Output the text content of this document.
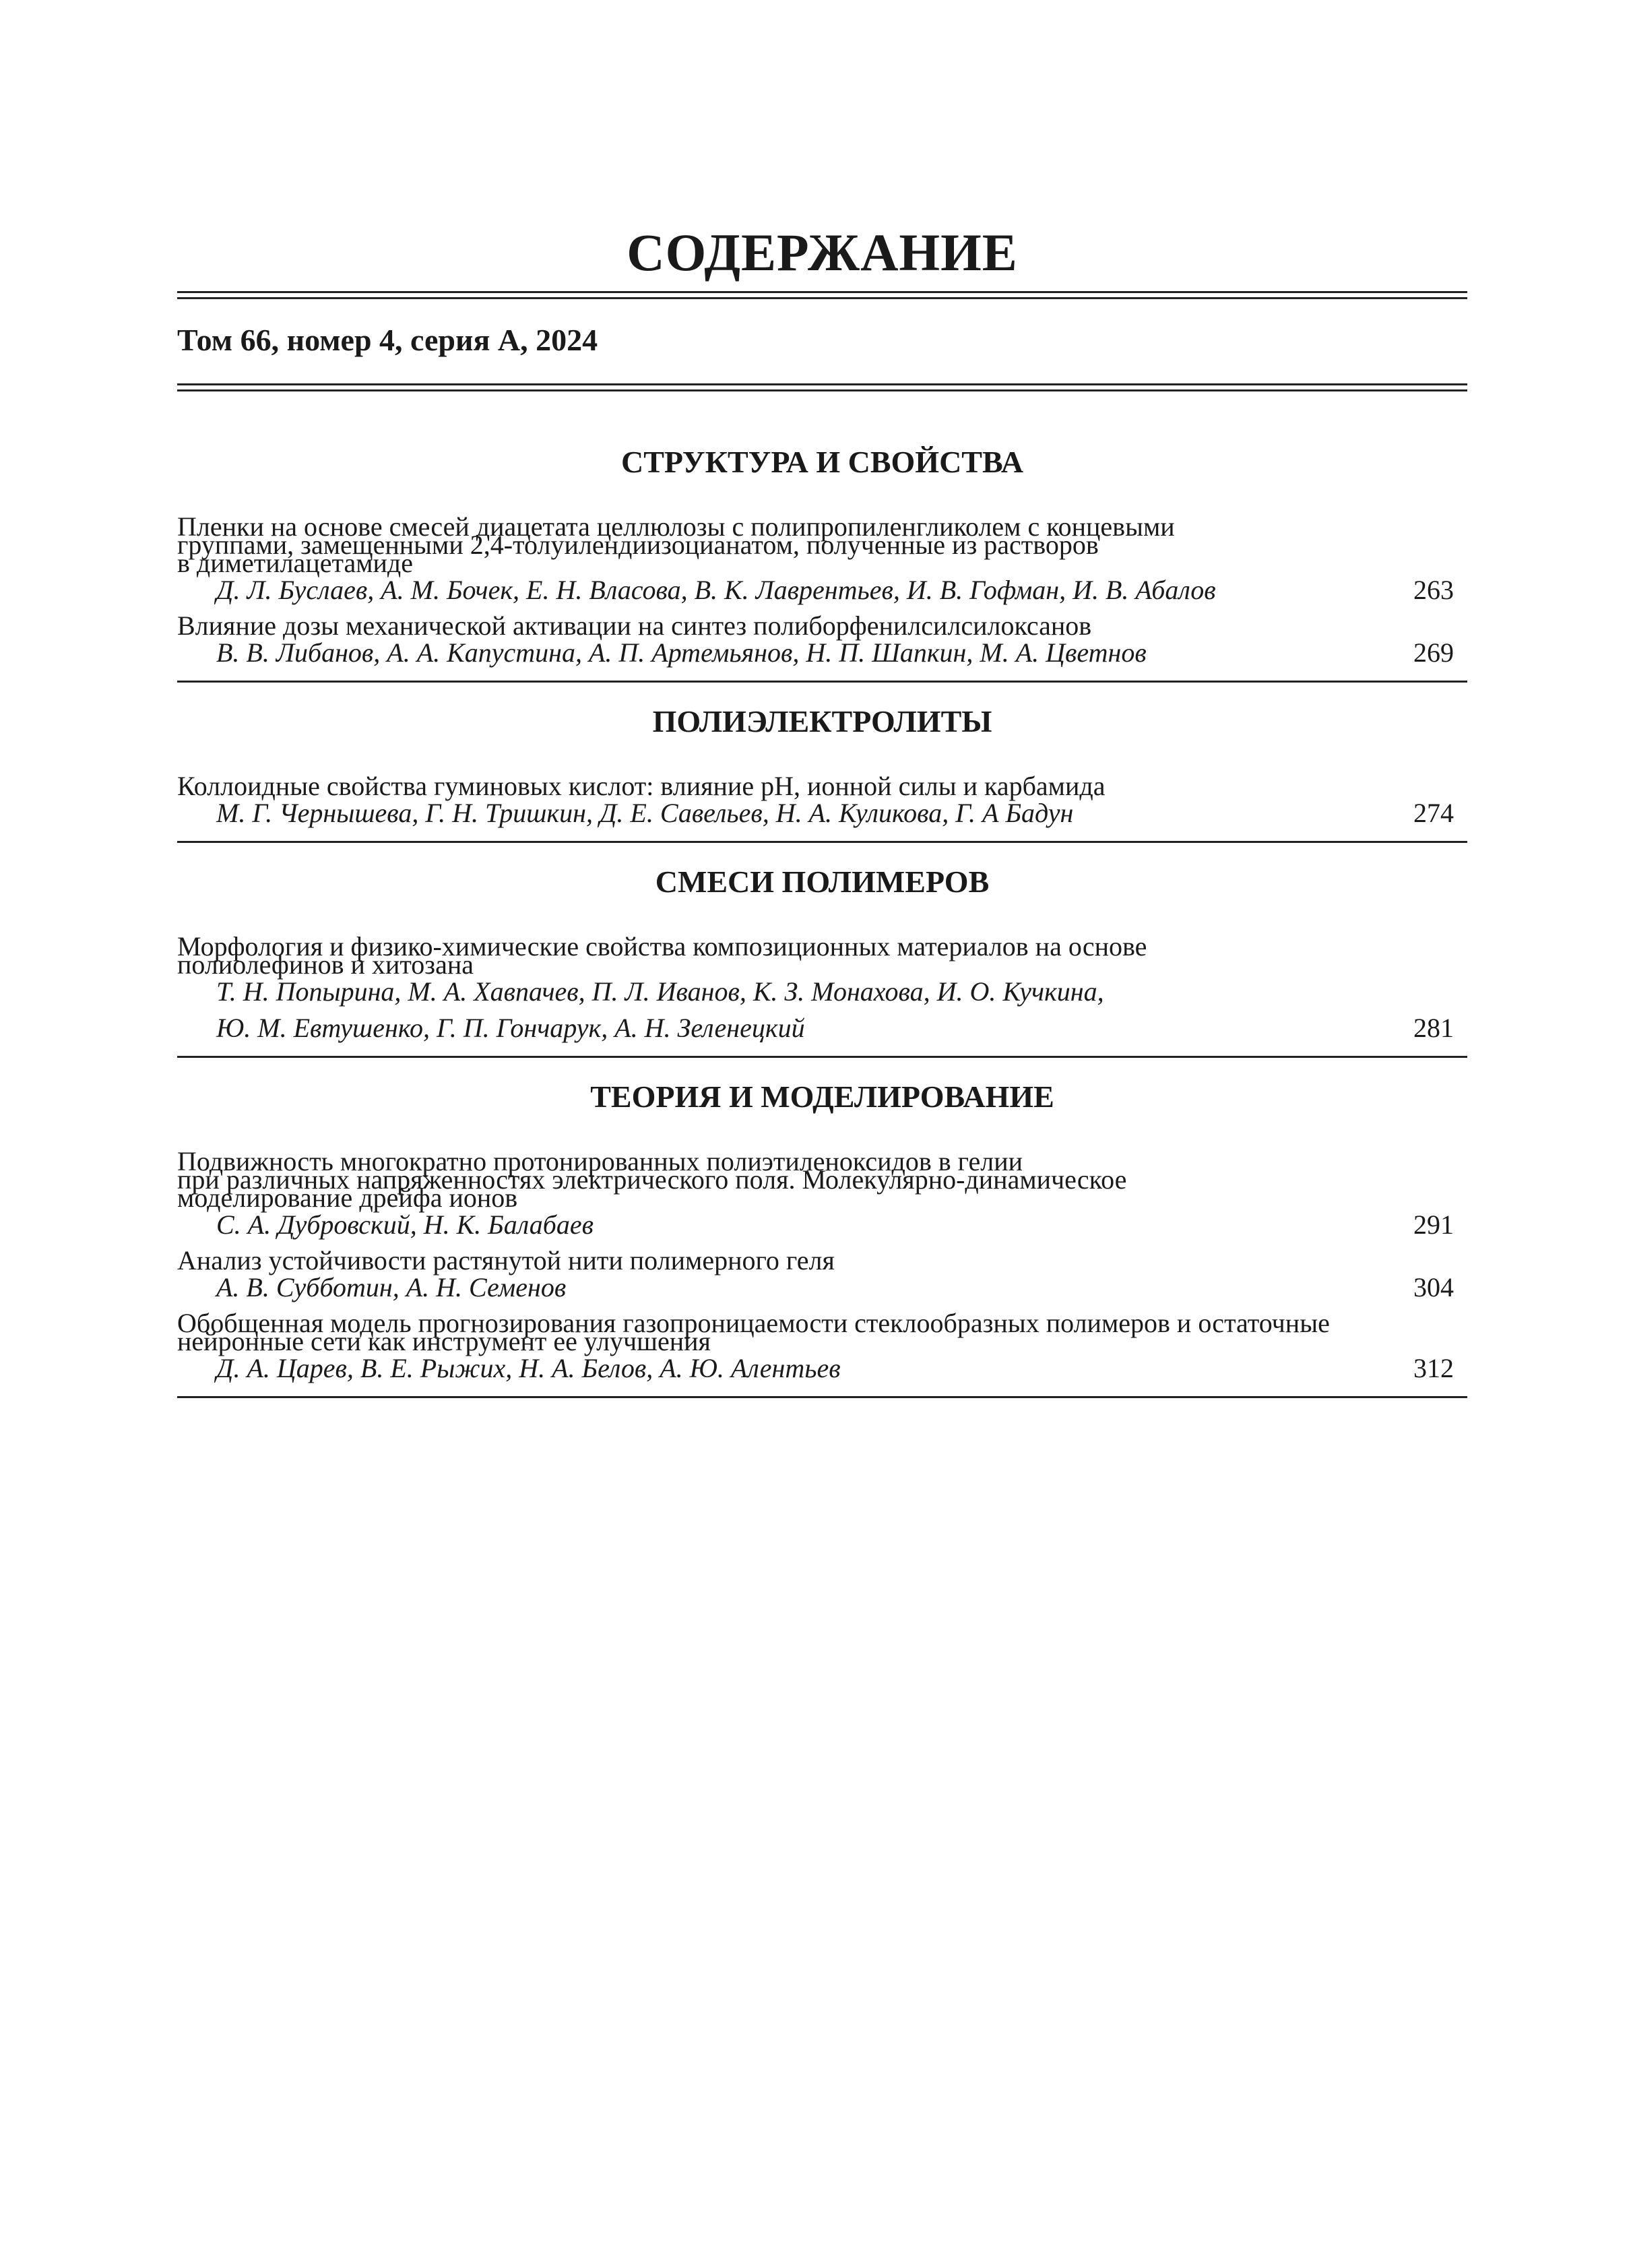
СОДЕРЖАНИЕ
Том 66, номер 4, серия А, 2024
СТРУКТУРА И СВОЙСТВА
Пленки на основе смесей диацетата целлюлозы с полипропиленгликолем с концевыми
группами, замещенными 2,4-толуилендиизоцианатом, полученные из растворов
в диметилацетамиде
Д. Л. Буслаев, А. М. Бочек, Е. Н. Власова, В. К. Лаврентьев, И. В. Гофман, И. В. Абалов	263
Влияние дозы механической активации на синтез полиборфенилсилсилоксанов
В. В. Либанов, А. А. Капустина, А. П. Артемьянов, Н. П. Шапкин, М. А. Цветнов	269
ПОЛИЭЛЕКТРОЛИТЫ
Коллоидные свойства гуминовых кислот: влияние pH, ионной силы и карбамида
М. Г. Чернышева, Г. Н. Тришкин, Д. Е. Савельев, Н. А. Куликова, Г. А Бадун	274
СМЕСИ ПОЛИМЕРОВ
Морфология и физико-химические свойства композиционных материалов на основе
полиолефинов и хитозана
Т. Н. Попырина, М. А. Хавпачев, П. Л. Иванов, К. З. Монахова, И. О. Кучкина,
Ю. М. Евтушенко, Г. П. Гончарук, А. Н. Зеленецкий	281
ТЕОРИЯ И МОДЕЛИРОВАНИЕ
Подвижность многократно протонированных полиэтиленоксидов в гелии
при различных напряженностях электрического поля. Молекулярно-динамическое
моделирование дрейфа ионов
С. А. Дубровский, Н. К. Балабаев	291
Анализ устойчивости растянутой нити полимерного геля
А. В. Субботин, А. Н. Семенов	304
Обобщенная модель прогнозирования газопроницаемости стеклообразных полимеров и остаточные
нейронные сети как инструмент ее улучшения
Д. А. Царев, В. Е. Рыжих, Н. А. Белов, А. Ю. Алентьев	312
